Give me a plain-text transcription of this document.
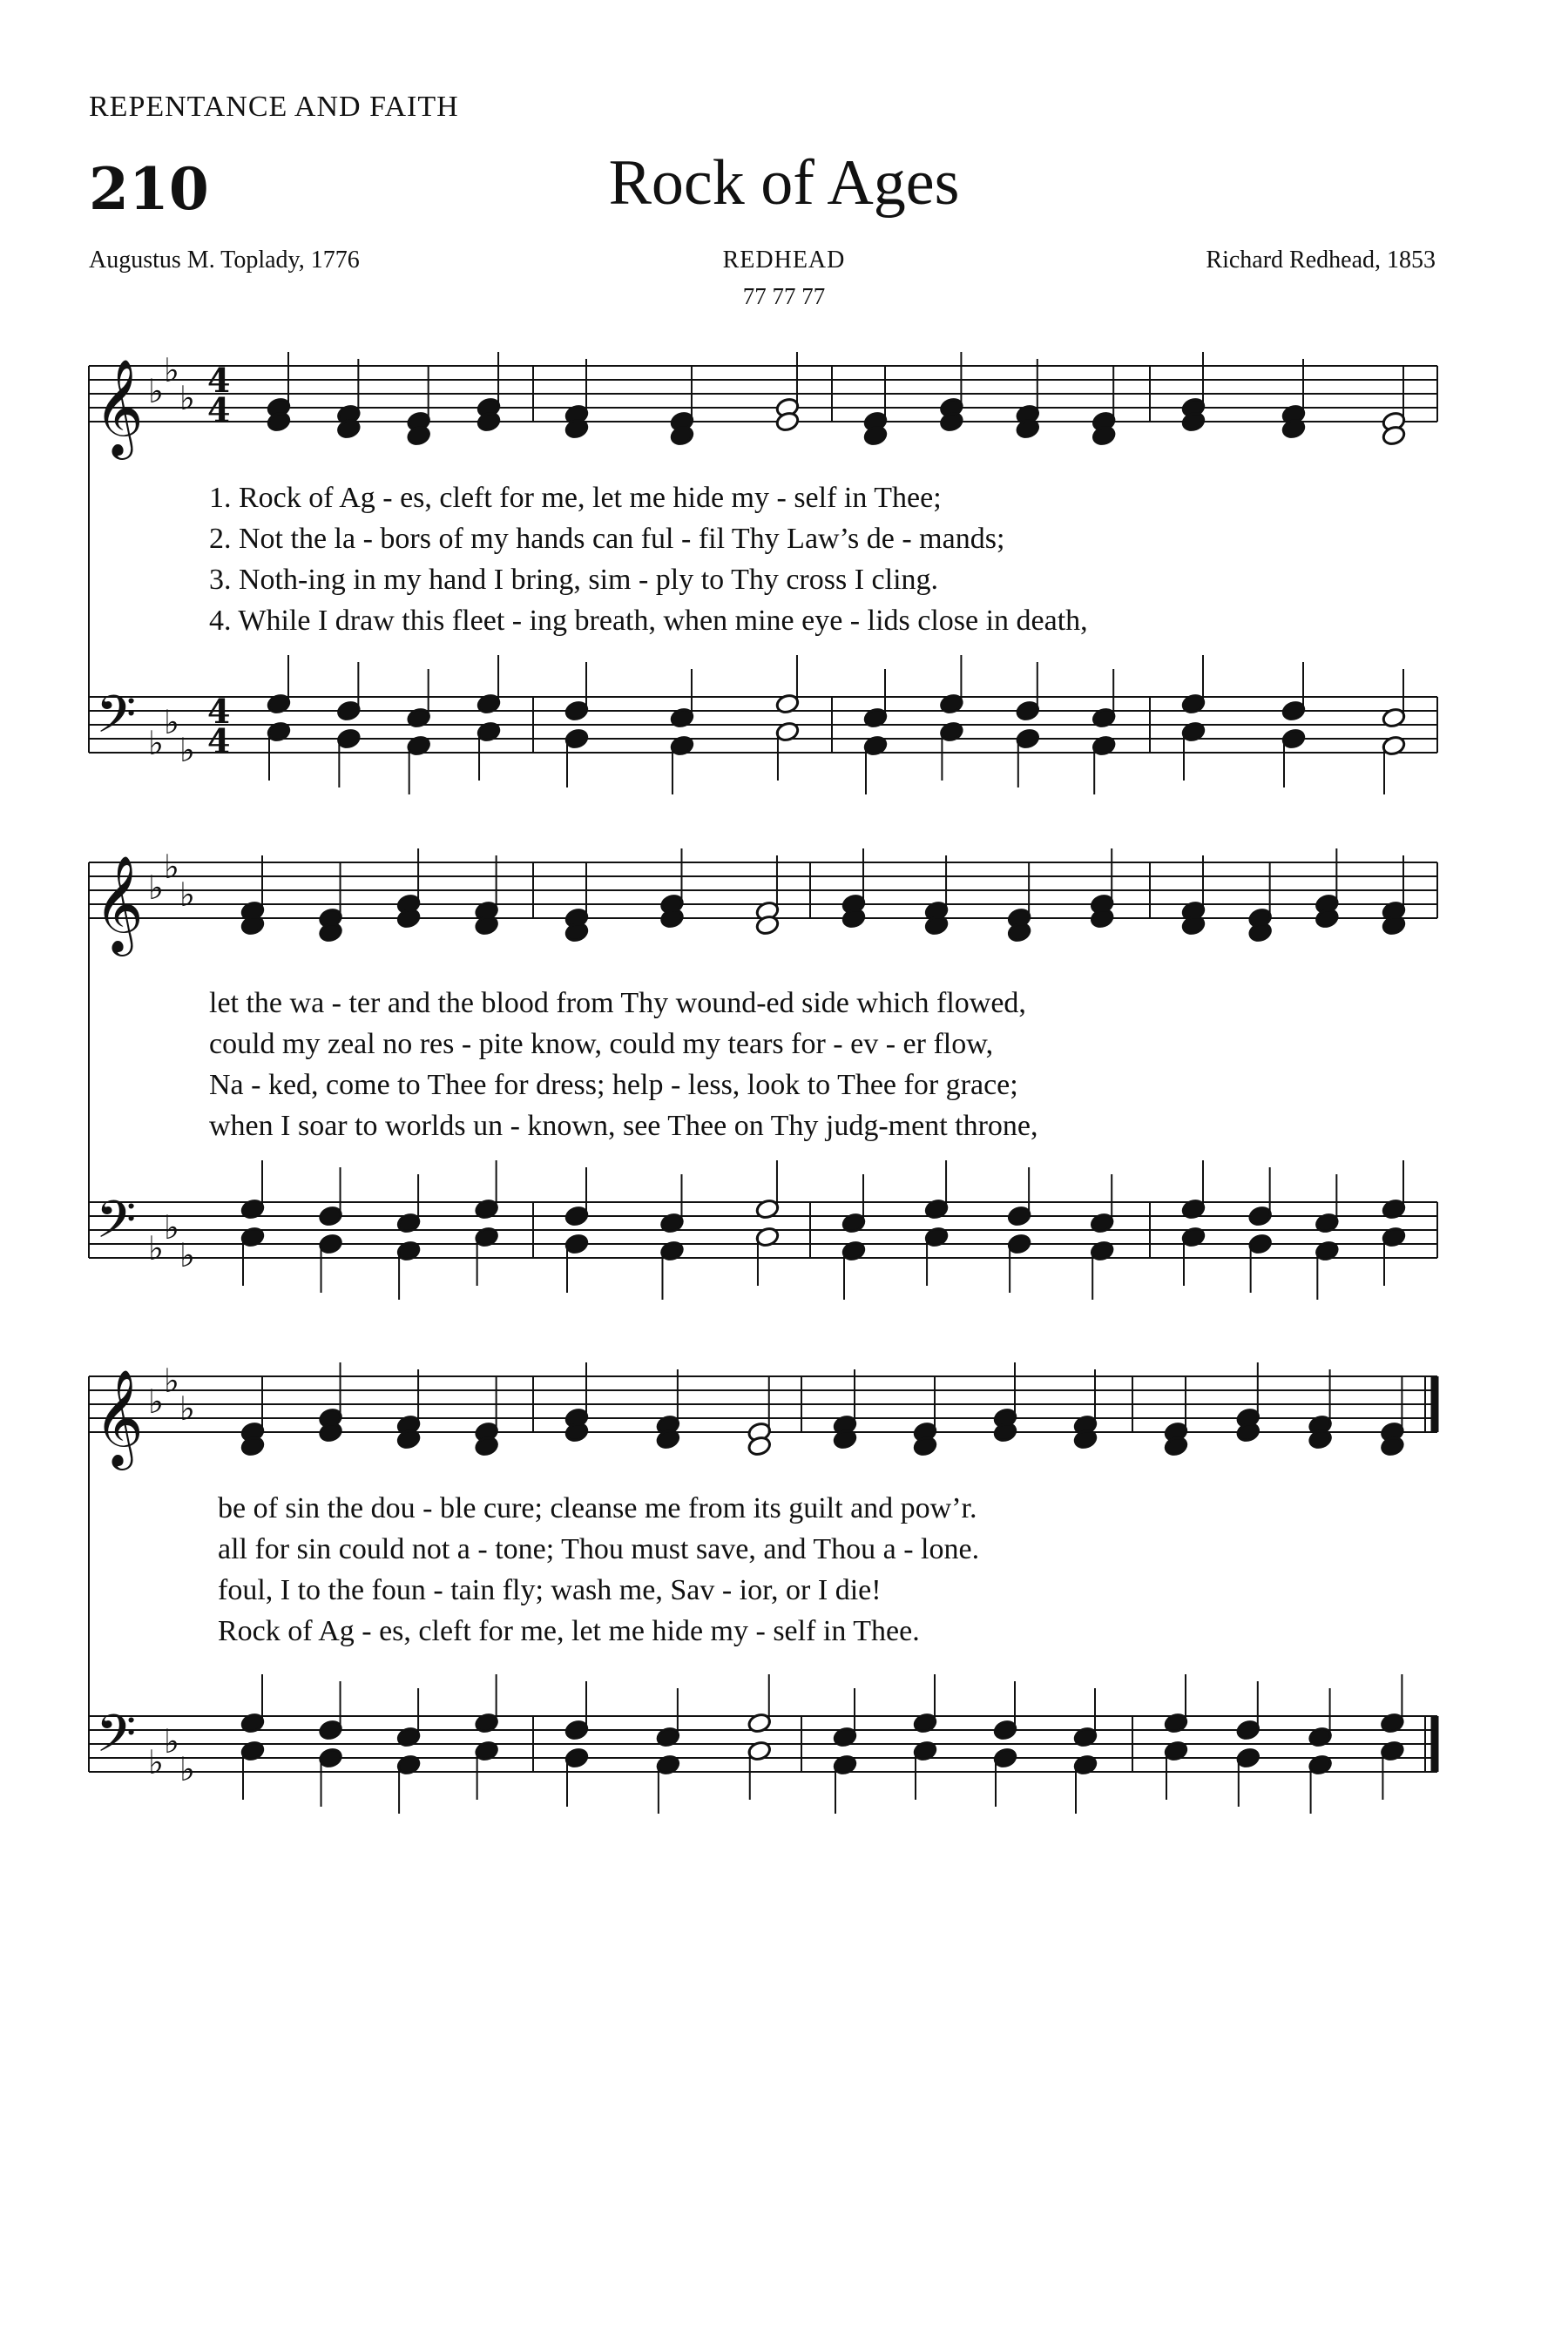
REPENTANCE AND FAITH
210	Rock of Ages
Augustus M. Toplady, 1776	REDHEAD
77 77 77
Richard Redhead, 1853
𝄞
𝄢
♭
♭
♭
♭
♭
♭
4
4
4
4
𝄞
𝄢
♭
♭
♭
♭
♭
♭
𝄞
𝄢
♭
♭
♭
♭
♭
♭
1. Rock of Ag - es, cleft for me, let me hide my - self in Thee;
2. Not the la - bors of my hands can ful - fil Thy Law’s de - mands;
3. Noth-ing in my hand I bring, sim - ply to Thy cross I cling.
4. While I draw this fleet - ing breath, when mine eye - lids close in death,
let the wa - ter and the blood from Thy wound-ed side which flowed,
could my zeal no res - pite know, could my tears for - ev - er flow,
Na - ked, come to Thee for dress; help - less, look to Thee for grace;
when I soar to worlds un - known, see Thee on Thy judg-ment throne,
be of sin the dou - ble cure; cleanse me from its guilt and pow’r.
all for sin could not a - tone; Thou must save, and Thou a - lone.
foul, I to the foun - tain fly; wash me, Sav - ior, or I die!
Rock of Ag - es, cleft for me, let me hide my - self in Thee.
